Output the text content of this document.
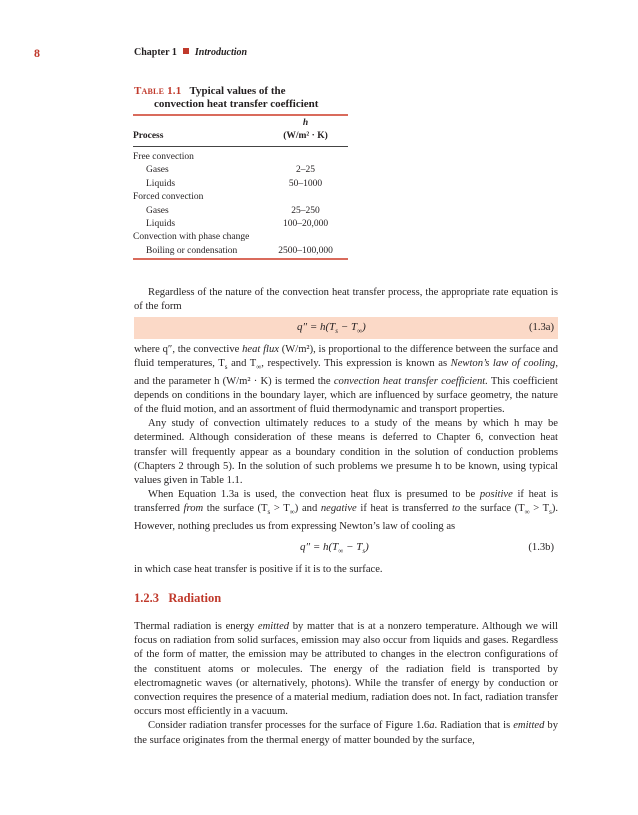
8	Chapter 1 Introduction
Table 1.1 Typical values of the
convection heat transfer coefficient
Process
h
(W/m² · K)
Free convection
Gases	2–25
Liquids	50–1000
Forced convection
Gases	25–250
Liquids	100–20,000
Convection with phase change
Boiling or condensation	2500–100,000

Regardless of the nature of the convection heat transfer process, the appropriate rate equation is of the form

$q'' = h(T_s - T_\infty)$	(1.3a)

where q″, the convective heat flux (W/m²), is proportional to the difference between the surface and fluid temperatures, $T_s$ and $T_\infty$, respectively. This expression is known as Newton’s law of cooling, and the parameter h (W/m² · K) is termed the convection heat transfer coefficient. This coefficient depends on conditions in the boundary layer, which are influenced by surface geometry, the nature of the fluid motion, and an assortment of fluid thermodynamic and transport properties.

Any study of convection ultimately reduces to a study of the means by which h may be determined. Although consideration of these means is deferred to Chapter 6, convection heat transfer will frequently appear as a boundary condition in the solution of conduction problems (Chapters 2 through 5). In the solution of such problems we presume h to be known, using typical values given in Table 1.1.

When Equation 1.3a is used, the convection heat flux is presumed to be positive if heat is transferred from the surface $(T_s > T_\infty)$ and negative if heat is transferred to the surface $(T_\infty > T_s)$. However, nothing precludes us from expressing Newton’s law of cooling as

$q'' = h(T_\infty - T_s)$	(1.3b)

in which case heat transfer is positive if it is to the surface.

1.2.3 Radiation

Thermal radiation is energy emitted by matter that is at a nonzero temperature. Although we will focus on radiation from solid surfaces, emission may also occur from liquids and gases. Regardless of the form of matter, the emission may be attributed to changes in the electron configurations of the constituent atoms or molecules. The energy of the radiation field is transported by electromagnetic waves (or alternatively, photons). While the transfer of energy by conduction or convection requires the presence of a material medium, radiation does not. In fact, radiation transfer occurs most efficiently in a vacuum.

Consider radiation transfer processes for the surface of Figure 1.6a. Radiation that is emitted by the surface originates from the thermal energy of matter bounded by the surface,
